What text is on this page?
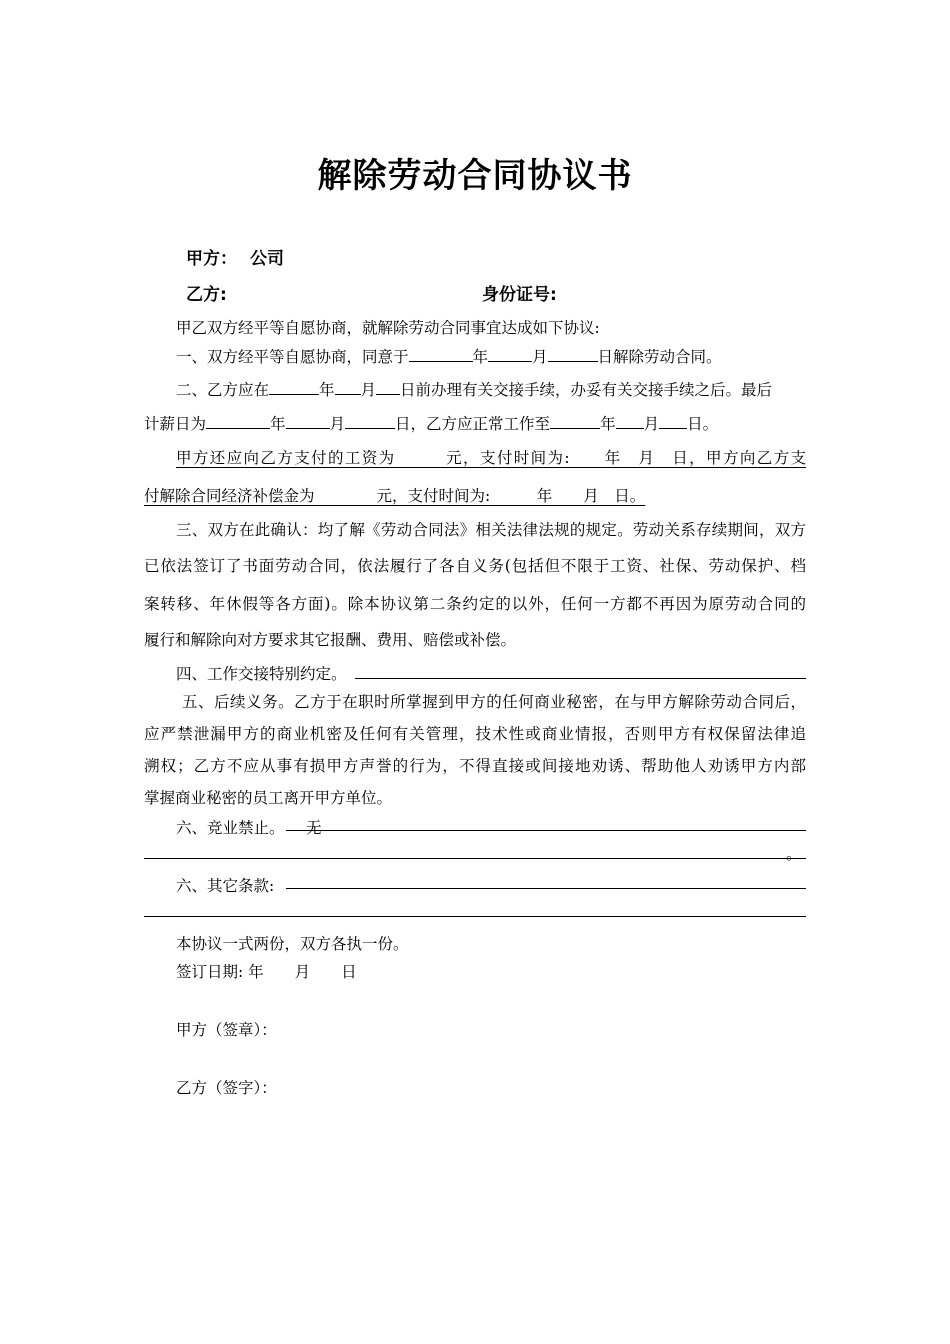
解除劳动合同协议书
甲方： 公司
乙方:	身份证号:
甲乙双方经平等自愿协商，就解除劳动合同事宜达成如下协议:
一、双方经平等自愿协商，同意于	年	月	日解除劳动合同。
二、乙方应在	年 月 日前办理有关交接手续，办妥有关交接手续之后。最后
计薪日为	年	月	日，乙方应正常工作至	年 月 日。
甲方还应向乙方支付的工资为　　　元，支付时间为:　　年　月　日，甲方向乙方支
付解除合同经济补偿金为　　　　元，支付时间为:　　　年　　月　日。
三、双方在此确认：均了解《劳动合同法》相关法律法规的规定。劳动关系存续期间，双方
已依法签订了书面劳动合同，依法履行了各自义务(包括但不限于工资、社保、劳动保护、档
案转移、年休假等各方面)。除本协议第二条约定的以外，任何一方都不再因为原劳动合同的
履行和解除向对方要求其它报酬、费用、赔偿或补偿。
四、工作交接特别约定。
五、后续义务。乙方于在职时所掌握到甲方的任何商业秘密，在与甲方解除劳动合同后，
应严禁泄漏甲方的商业机密及任何有关管理，技术性或商业情报，否则甲方有权保留法律追
溯权；乙方不应从事有损甲方声誉的行为，不得直接或间接地劝诱、帮助他人劝诱甲方内部
掌握商业秘密的员工离开甲方单位。
六、竞业禁止。 无
。
六、其它条款:
本协议一式两份，双方各执一份。
签订日期: 年　　月　　日
甲方（签章）：
乙方（签字）：
